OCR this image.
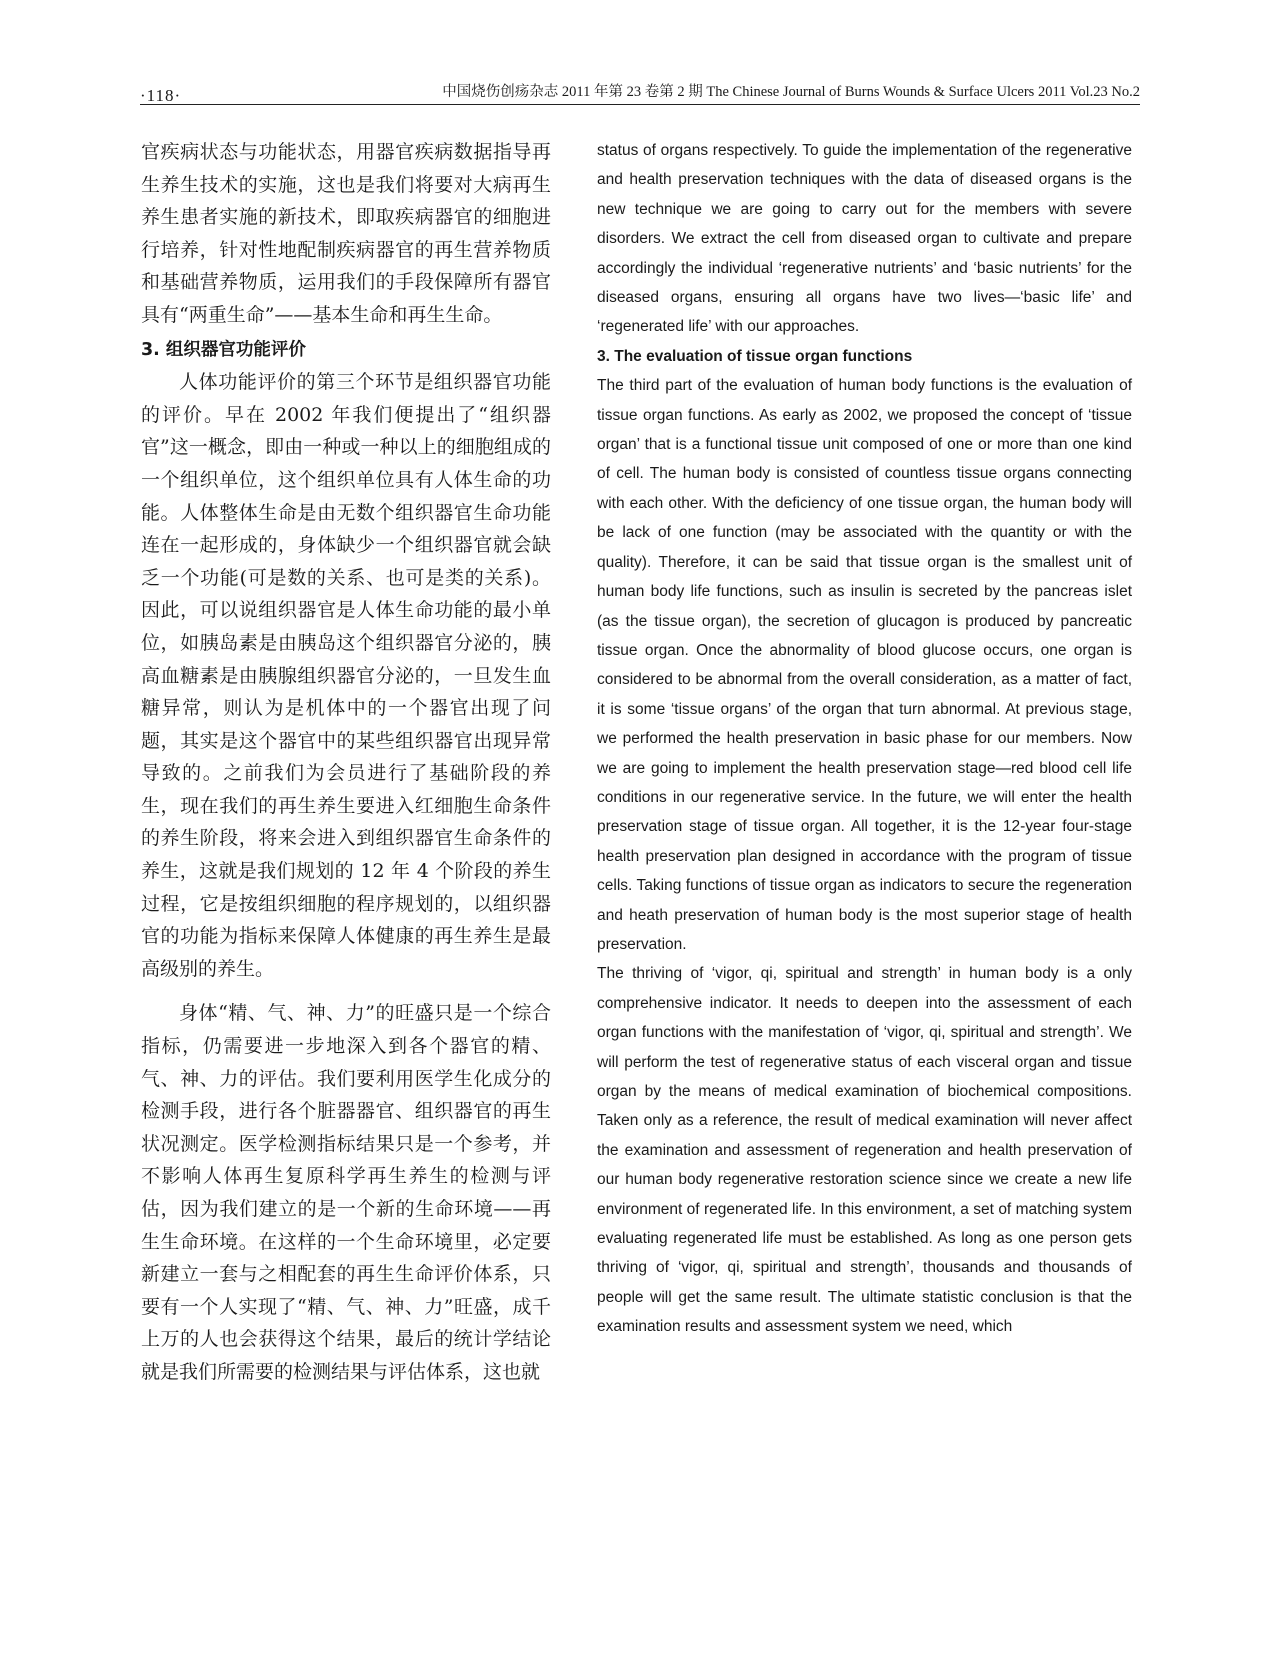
·118·	中国烧伤创疡杂志 2011 年第 23 卷第 2 期 The Chinese Journal of Burns Wounds & Surface Ulcers 2011 Vol.23 No.2

官疾病状态与功能状态，用器官疾病数据指导再生养生技术的实施，这也是我们将要对大病再生养生患者实施的新技术，即取疾病器官的细胞进行培养，针对性地配制疾病器官的再生营养物质和基础营养物质，运用我们的手段保障所有器官具有“两重生命”——基本生命和再生生命。

3. 组织器官功能评价

人体功能评价的第三个环节是组织器官功能的评价。早在 2002 年我们便提出了“组织器官”这一概念，即由一种或一种以上的细胞组成的一个组织单位，这个组织单位具有人体生命的功能。人体整体生命是由无数个组织器官生命功能连在一起形成的，身体缺少一个组织器官就会缺乏一个功能(可是数的关系、也可是类的关系)。因此，可以说组织器官是人体生命功能的最小单位，如胰岛素是由胰岛这个组织器官分泌的，胰高血糖素是由胰腺组织器官分泌的，一旦发生血糖异常，则认为是机体中的一个器官出现了问题，其实是这个器官中的某些组织器官出现异常导致的。之前我们为会员进行了基础阶段的养生，现在我们的再生养生要进入红细胞生命条件的养生阶段，将来会进入到组织器官生命条件的养生，这就是我们规划的 12 年 4 个阶段的养生过程，它是按组织细胞的程序规划的，以组织器官的功能为指标来保障人体健康的再生养生是最高级别的养生。

身体“精、气、神、力”的旺盛只是一个综合指标，仍需要进一步地深入到各个器官的精、气、神、力的评估。我们要利用医学生化成分的检测手段，进行各个脏器器官、组织器官的再生状况测定。医学检测指标结果只是一个参考，并不影响人体再生复原科学再生养生的检测与评估，因为我们建立的是一个新的生命环境——再生生命环境。在这样的一个生命环境里，必定要新建立一套与之相配套的再生生命评价体系，只要有一个人实现了“精、气、神、力”旺盛，成千上万的人也会获得这个结果，最后的统计学结论就是我们所需要的检测结果与评估体系，这也就

status of organs respectively. To guide the implementation of the regenerative and health preservation techniques with the data of diseased organs is the new technique we are going to carry out for the members with severe disorders. We extract the cell from diseased organ to cultivate and prepare accordingly the individual ‘regenerative nutrients’ and ‘basic nutrients’ for the diseased organs, ensuring all organs have two lives—‘basic life’ and ‘regenerated life’ with our approaches.

3. The evaluation of tissue organ functions

The third part of the evaluation of human body functions is the evaluation of tissue organ functions. As early as 2002, we proposed the concept of ‘tissue organ’ that is a functional tissue unit composed of one or more than one kind of cell. The human body is consisted of countless tissue organs connecting with each other. With the deficiency of one tissue organ, the human body will be lack of one function (may be associated with the quantity or with the quality). Therefore, it can be said that tissue organ is the smallest unit of human body life functions, such as insulin is secreted by the pancreas islet (as the tissue organ), the secretion of glucagon is produced by pancreatic tissue organ. Once the abnormality of blood glucose occurs, one organ is considered to be abnormal from the overall consideration, as a matter of fact, it is some ‘tissue organs’ of the organ that turn abnormal. At previous stage, we performed the health preservation in basic phase for our members. Now we are going to implement the health preservation stage—red blood cell life conditions in our regenerative service. In the future, we will enter the health preservation stage of tissue organ. All together, it is the 12-year four-stage health preservation plan designed in accordance with the program of tissue cells. Taking functions of tissue organ as indicators to secure the regeneration and heath preservation of human body is the most superior stage of health preservation.

The thriving of ‘vigor, qi, spiritual and strength’ in human body is a only comprehensive indicator. It needs to deepen into the assessment of each organ functions with the manifestation of ‘vigor, qi, spiritual and strength’. We will perform the test of regenerative status of each visceral organ and tissue organ by the means of medical examination of biochemical compositions. Taken only as a reference, the result of medical examination will never affect the examination and assessment of regeneration and health preservation of our human body regenerative restoration science since we create a new life environment of regenerated life. In this environment, a set of matching system evaluating regenerated life must be established. As long as one person gets thriving of ‘vigor, qi, spiritual and strength’, thousands and thousands of people will get the same result. The ultimate statistic conclusion is that the examination results and assessment system we need, which
